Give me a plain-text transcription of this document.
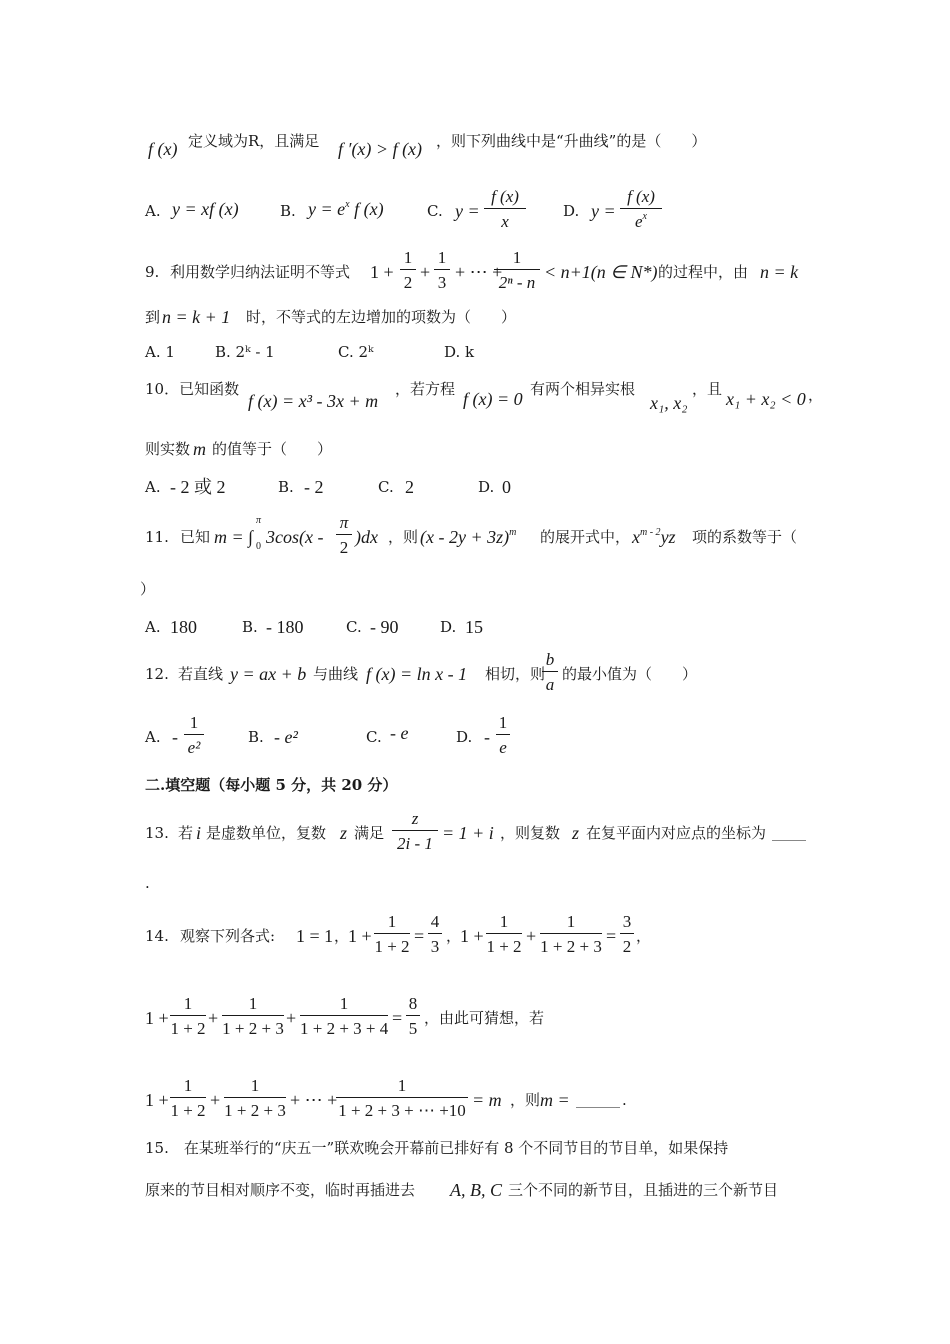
f (x) 定义域为R，且满足 f ′(x) > f (x) ，则下列曲线中是“升曲线”的是（　　）
A. y = xf (x)	B. $y = e^x$ f (x)	C. y =
f (x)
x
D. y =
f (x)
$e^x$
9. 利用数学归纳法证明不等式 1 +
1
2
+
1
3
+ ⋯ +
1
2ⁿ - n
< n+1(n ∈ N*) 的过程中，由 n = k
到 n = k + 1 时，不等式的左边增加的项数为（　　）
A. 1	B. 2ᵏ - 1	C. 2ᵏ	D. k
10．已知函数
f (x) = x³ - 3x + m
，若方程 f (x) = 0 有两个相异实根
x₁, x₂
，且 x₁ + x₂ < 0 ，
则实数 m 的值等于（　　）
A. - 2 或 2	B. - 2	C. 2	D. 0
11. 已知 m = ∫
π
0 3cos(x -
π
2
)dx ，则 $(x - 2y + 3z)^m$ 的展开式中， $x^{m - 2}yz$ 项的系数等于（
）
A. 180	B. - 180	C. - 90	D. 15
12. 若直线 y = ax + b 与曲线 f (x) = ln x - 1 相切，则
b
a
的最小值为（　　）
A. -
1
e²
B. - e²	C. - e	D. -
1
e
二.填空题（每小题 5 分，共 20 分）
13. 若 i 是虚数单位，复数 z 满足
z
2i - 1
= 1 + i ，则复数 z 在复平面内对应点的坐标为
.
14. 观察下列各式: 1 = 1 ，
1 +
1
1 + 2
=
4
3
，
1 +
1
1 + 2
+
1
1 + 2 + 3
=
3
2
，
1 +
1
1 + 2
+
1
1 + 2 + 3
+
1
1 + 2 + 3 + 4
=
8
5
，由此可猜想，若
1 +
1
1 + 2
+
1
1 + 2 + 3
+ ⋯ +
1
1 + 2 + 3 + ⋯ +10
= m ，则 m =	.
15.　在某班举行的“庆五一”联欢晚会开幕前已排好有 8 个不同节目的节目单，如果保持
原来的节目相对顺序不变，临时再插进去 A, B, C 三个不同的新节目，且插进的三个新节目
